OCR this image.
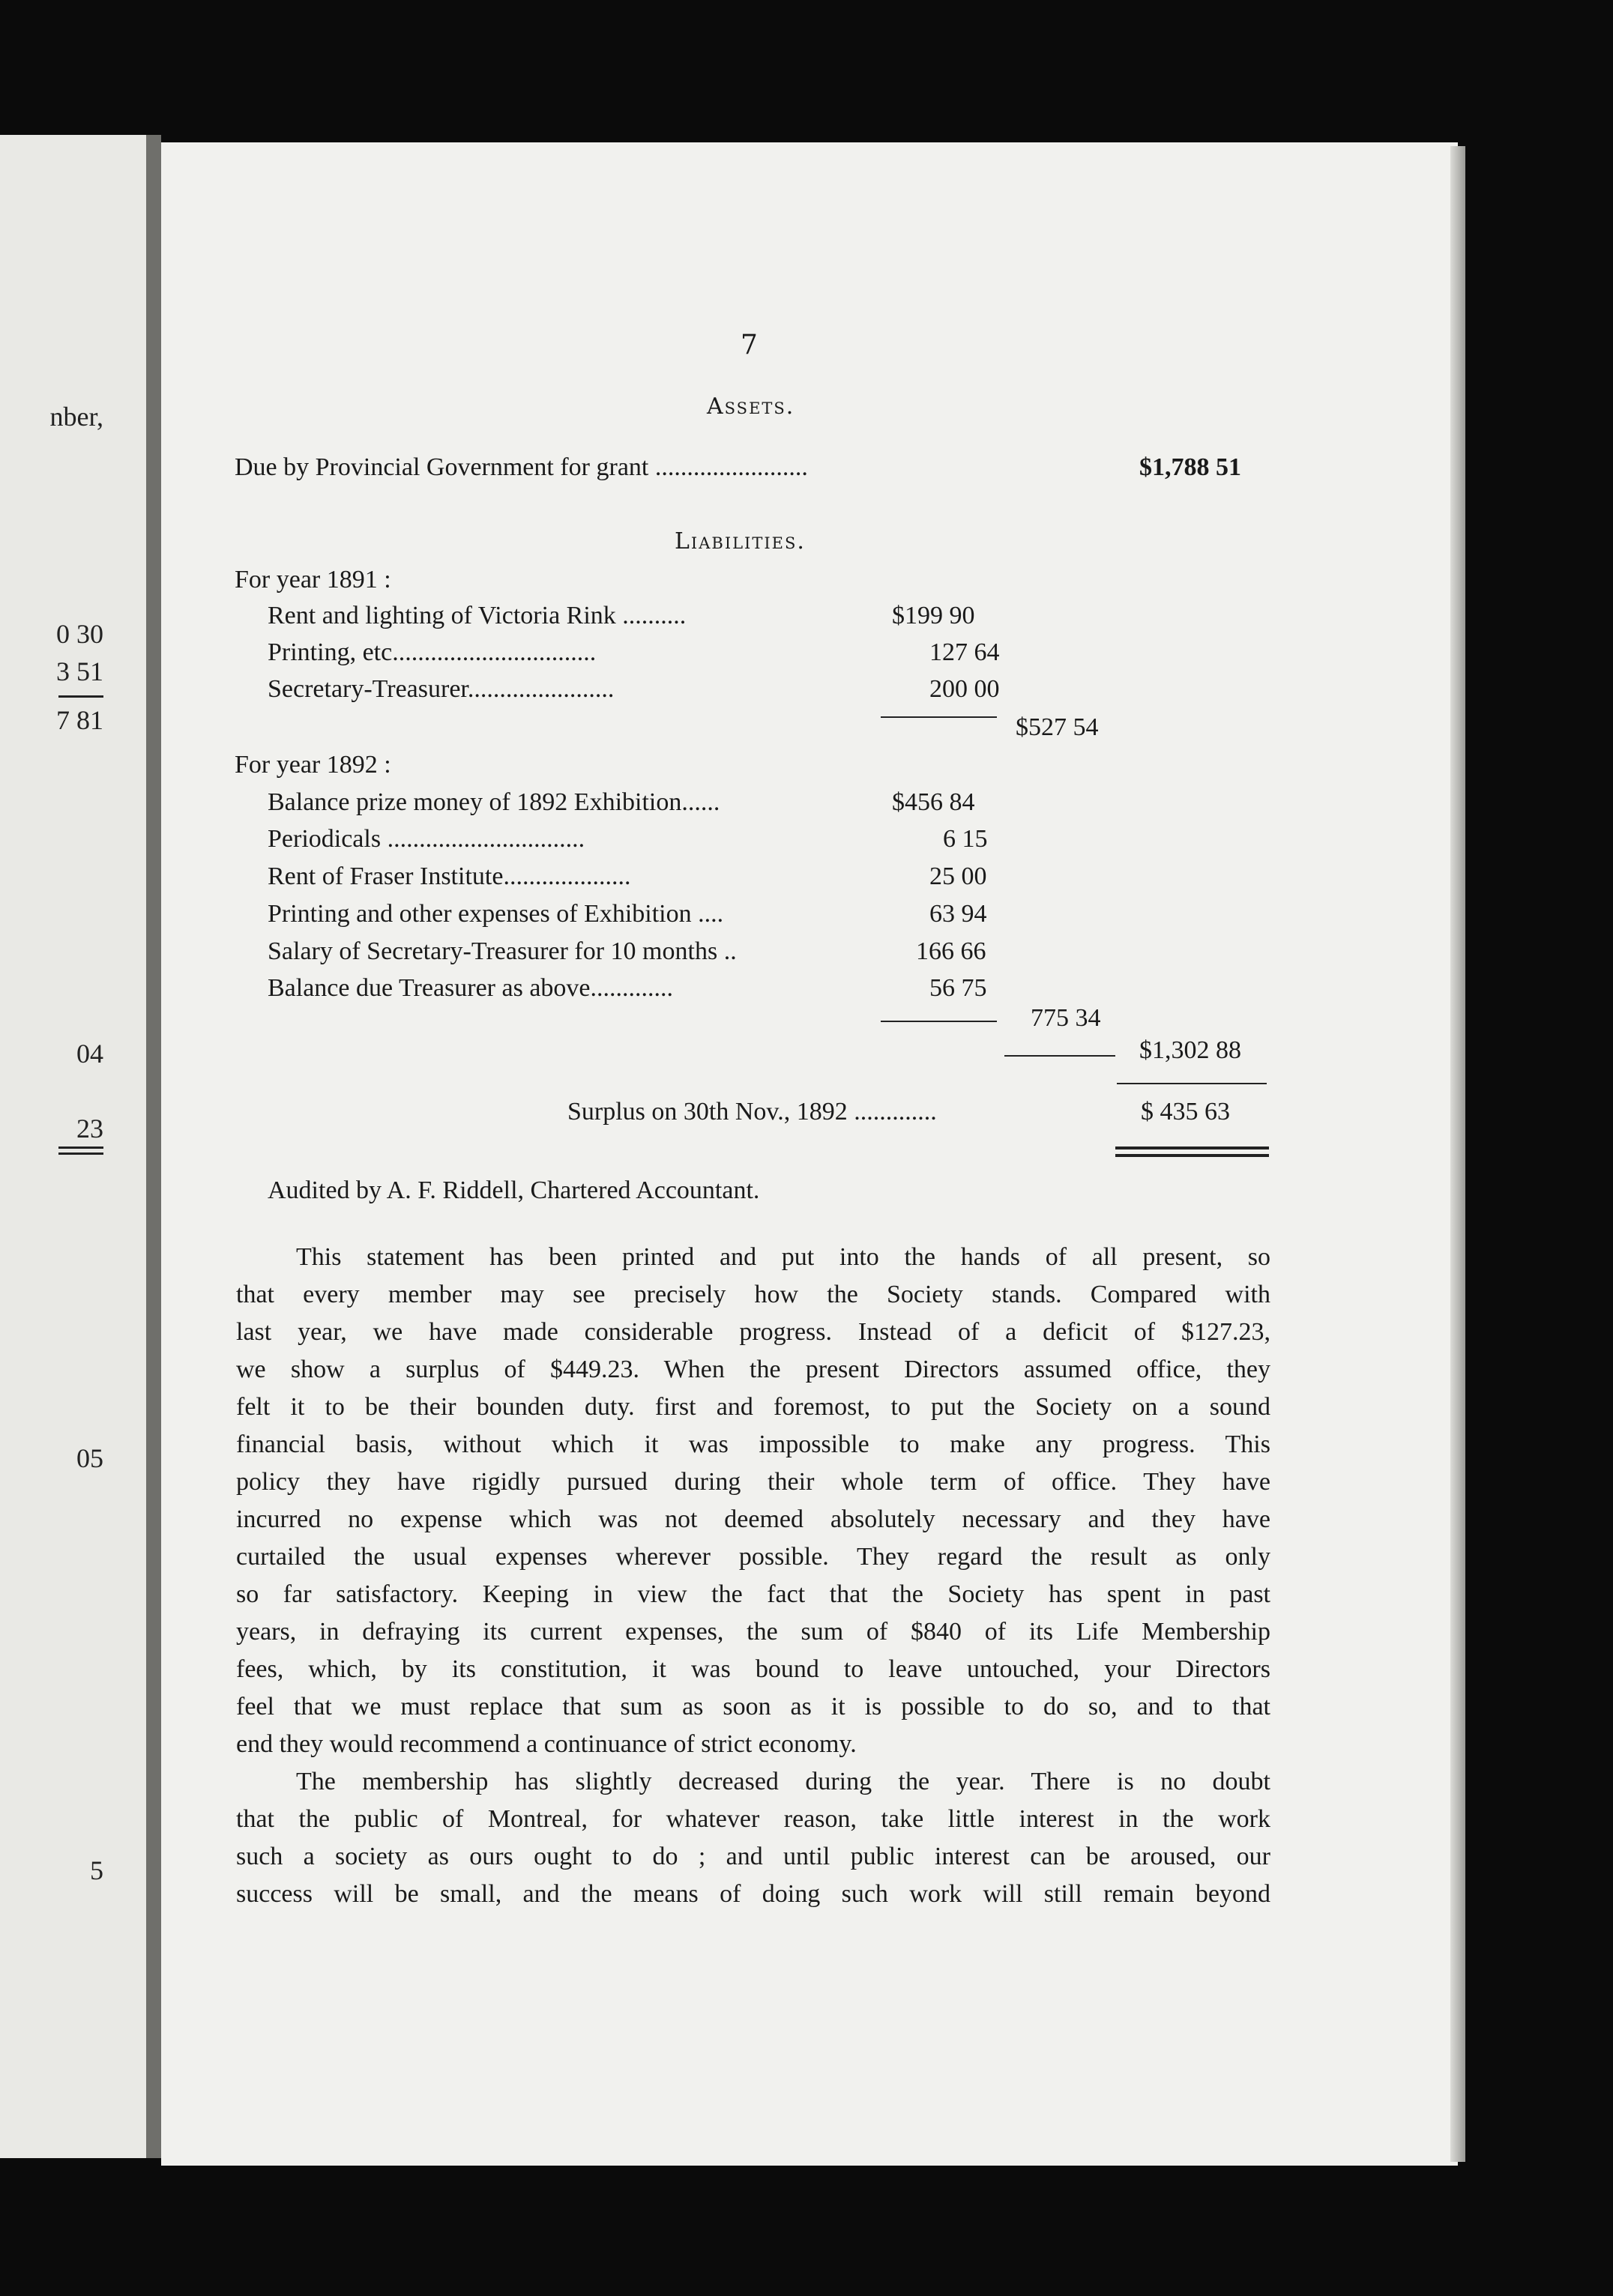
nber,
0 30
3 51
7 81
04
23
05
5
7
Assets.
Due by Provincial Government for grant ........................	$1,788 51
Liabilities.
For year 1891 :
Rent and lighting of Victoria Rink ..........	$199 90
Printing, etc................................	127 64
Secretary-Treasurer.......................	200 00
$527 54
For year 1892 :
Balance prize money of 1892 Exhibition......	$456 84
Periodicals ...............................	6 15
Rent of Fraser Institute....................	25 00
Printing and other expenses of Exhibition ....	63 94
Salary of Secretary-Treasurer for 10 months ..	166 66
Balance due Treasurer as above.............	56 75
775 34
$1,302 88
Surplus on 30th Nov., 1892 .............	$ 435 63
Audited by A. F. Riddell, Chartered Accountant.
This statement has been printed and put into the hands of all present, so
that every member may see precisely how the Society stands. Compared with
last year, we have made considerable progress. Instead of a deficit of $127.23,
we show a surplus of $449.23. When the present Directors assumed office, they
felt it to be their bounden duty. first and foremost, to put the Society on a sound
financial basis, without which it was impossible to make any progress. This
policy they have rigidly pursued during their whole term of office. They have
incurred no expense which was not deemed absolutely necessary and they have
curtailed the usual expenses wherever possible. They regard the result as only
so far satisfactory. Keeping in view the fact that the Society has spent in past
years, in defraying its current expenses, the sum of $840 of its Life Membership
fees, which, by its constitution, it was bound to leave untouched, your Directors
feel that we must replace that sum as soon as it is possible to do so, and to that
end they would recommend a continuance of strict economy.
The membership has slightly decreased during the year. There is no doubt
that the public of Montreal, for whatever reason, take little interest in the work
such a society as ours ought to do ; and until public interest can be aroused, our
success will be small, and the means of doing such work will still remain beyond
